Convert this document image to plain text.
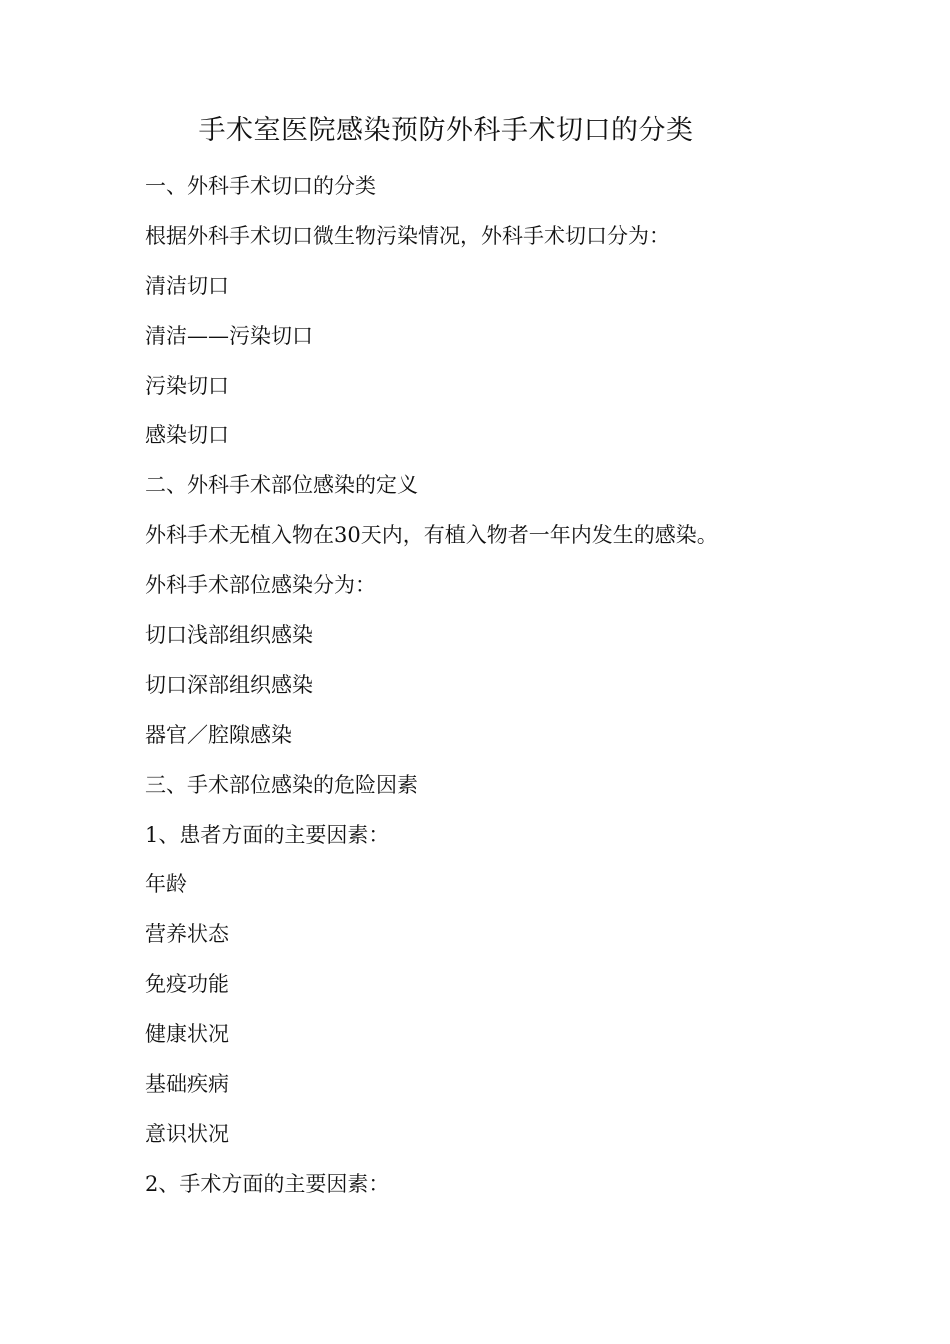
手术室医院感染预防外科手术切口的分类
一、外科手术切口的分类
根据外科手术切口微生物污染情况，外科手术切口分为：
清洁切口
清洁——污染切口
污染切口
感染切口
二、外科手术部位感染的定义
外科手术无植入物在30天内，有植入物者一年内发生的感染。
外科手术部位感染分为：
切口浅部组织感染
切口深部组织感染
器官／腔隙感染
三、手术部位感染的危险因素
1、患者方面的主要因素：
年龄
营养状态
免疫功能
健康状况
基础疾病
意识状况
2、手术方面的主要因素：
